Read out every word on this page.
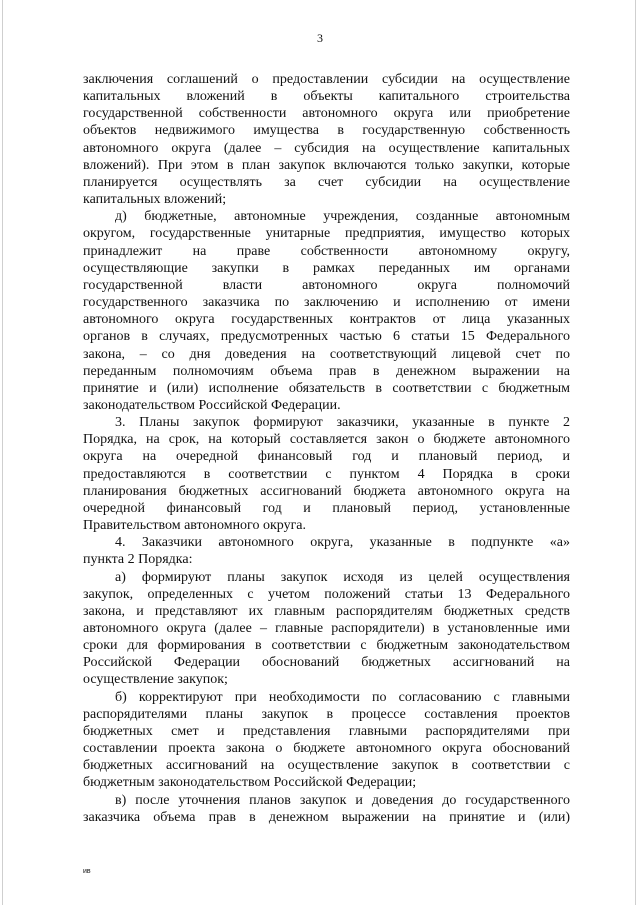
3

заключения соглашений о предоставлении субсидии на осуществление

капитальных вложений в объекты капитального строительства

государственной собственности автономного округа или приобретение

объектов недвижимого имущества в государственную собственность

автономного округа (далее – субсидия на осуществление капитальных

вложений). При этом в план закупок включаются только закупки, которые

планируется осуществлять за счет субсидии на осуществление

капитальных вложений;

д) бюджетные, автономные учреждения, созданные автономным

округом, государственные унитарные предприятия, имущество которых

принадлежит на праве собственности автономному округу,

осуществляющие закупки в рамках переданных им органами

государственной власти автономного округа полномочий

государственного заказчика по заключению и исполнению от имени

автономного округа государственных контрактов от лица указанных

органов в случаях, предусмотренных частью 6 статьи 15 Федерального

закона, – со дня доведения на соответствующий лицевой счет по

переданным полномочиям объема прав в денежном выражении на

принятие и (или) исполнение обязательств в соответствии с бюджетным

законодательством Российской Федерации.

3. Планы закупок формируют заказчики, указанные в пункте 2

Порядка, на срок, на который составляется закон о бюджете автономного

округа на очередной финансовый год и плановый период, и

предоставляются в соответствии с пунктом 4 Порядка в сроки

планирования бюджетных ассигнований бюджета автономного округа на

очередной финансовый год и плановый период, установленные

Правительством автономного округа.

4. Заказчики автономного округа, указанные в подпункте «а»

пункта 2 Порядка:

а) формируют планы закупок исходя из целей осуществления

закупок, определенных с учетом положений статьи 13 Федерального

закона, и представляют их главным распорядителям бюджетных средств

автономного округа (далее – главные распорядители) в установленные ими

сроки для формирования в соответствии с бюджетным законодательством

Российской Федерации обоснований бюджетных ассигнований на

осуществление закупок;

б) корректируют при необходимости по согласованию с главными

распорядителями планы закупок в процессе составления проектов

бюджетных смет и представления главными распорядителями при

составлении проекта закона о бюджете автономного округа обоснований

бюджетных ассигнований на осуществление закупок в соответствии с

бюджетным законодательством Российской Федерации;

в) после уточнения планов закупок и доведения до государственного

заказчика объема прав в денежном выражении на принятие и (или)

ив
